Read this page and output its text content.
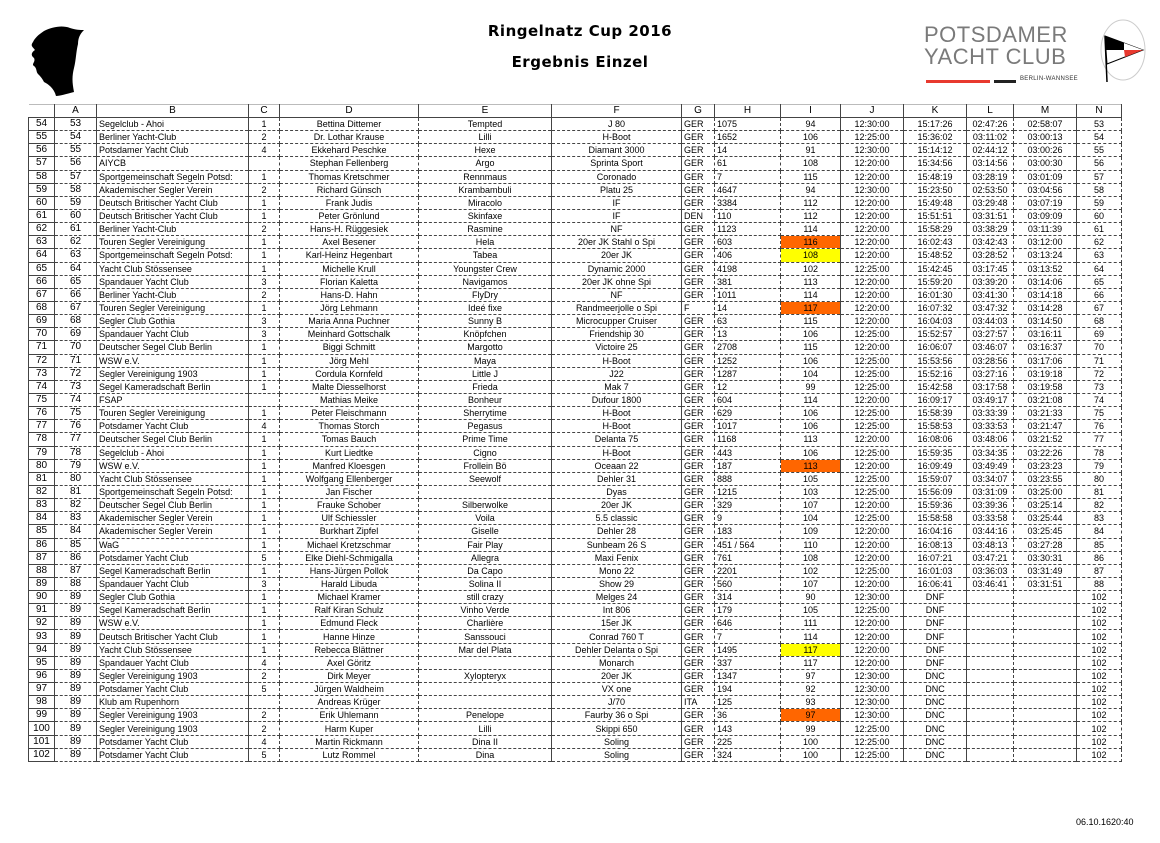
Ringelnatz Cup 2016
Ergebnis Einzel
POTSDAMER
YACHT CLUB
BERLIN-WANNSEE
	A	B	C	D	E	F	G	H	I	J	K	L	M	N
54	53	Segelclub - Ahoi	1	Bettina Dittemer	Tempted	J 80	GER	1075	94	12:30:00	15:17:26	02:47:26	02:58:07	53
55	54	Berliner Yacht-Club	2	Dr. Lothar Krause	Lilli	H-Boot	GER	1652	106	12:25:00	15:36:02	03:11:02	03:00:13	54
56	55	Potsdamer Yacht Club	4	Ekkehard Peschke	Hexe	Diamant 3000	GER	14	91	12:30:00	15:14:12	02:44:12	03:00:26	55
57	56	AIYCB		Stephan Fellenberg	Argo	Sprinta Sport	GER	61	108	12:20:00	15:34:56	03:14:56	03:00:30	56
58	57	Sportgemeinschaft Segeln Potsd:	1	Thomas Kretschmer	Rennmaus	Coronado	GER	7	115	12:20:00	15:48:19	03:28:19	03:01:09	57
59	58	Akademischer Segler Verein	2	Richard Günsch	Krambambuli	Platu 25	GER	4647	94	12:30:00	15:23:50	02:53:50	03:04:56	58
60	59	Deutsch Britischer Yacht Club	1	Frank Judis	Miracolo	IF	GER	3384	112	12:20:00	15:49:48	03:29:48	03:07:19	59
61	60	Deutsch Britischer Yacht Club	1	Peter Grönlund	Skinfaxe	IF	DEN	110	112	12:20:00	15:51:51	03:31:51	03:09:09	60
62	61	Berliner Yacht-Club	2	Hans-H. Rüggesiek	Rasmine	NF	GER	1123	114	12:20:00	15:58:29	03:38:29	03:11:39	61
63	62	Touren Segler Vereinigung	1	Axel Besener	Hela	20er JK Stahl o Spi	GER	603	116	12:20:00	16:02:43	03:42:43	03:12:00	62
64	63	Sportgemeinschaft Segeln Potsd:	1	Karl-Heinz Hegenbart	Tabea	20er JK	GER	406	108	12:20:00	15:48:52	03:28:52	03:13:24	63
65	64	Yacht Club Stössensee	1	Michelle Krull	Youngster Crew	Dynamic 2000	GER	4198	102	12:25:00	15:42:45	03:17:45	03:13:52	64
66	65	Spandauer Yacht Club	3	Florian Kaletta	Navigamos	20er JK ohne Spi	GER	381	113	12:20:00	15:59:20	03:39:20	03:14:06	65
67	66	Berliner Yacht-Club	2	Hans-D. Hahn	FlyDry	NF	GER	1011	114	12:20:00	16:01:30	03:41:30	03:14:18	66
68	67	Touren Segler Vereinigung	1	Jörg Lehmann	Ideé fixe	Randmeerjolle o Spi	F	14	117	12:20:00	16:07:32	03:47:32	03:14:28	67
69	68	Segler Club Gothia	3	Maria Anna Puchner	Sunny B	Microcupper Cruiser	GER	63	115	12:20:00	16:04:03	03:44:03	03:14:50	68
70	69	Spandauer Yacht Club	3	Meinhard Gottschalk	Knöpfchen	Friendship 30	GER	13	106	12:25:00	15:52:57	03:27:57	03:16:11	69
71	70	Deutscher Segel Club Berlin	1	Biggi Schmitt	Margotto	Victoire 25	GER	2708	115	12:20:00	16:06:07	03:46:07	03:16:37	70
72	71	WSW e.V.	1	Jörg Mehl	Maya	H-Boot	GER	1252	106	12:25:00	15:53:56	03:28:56	03:17:06	71
73	72	Segler Vereinigung 1903	1	Cordula Kornfeld	Little J	J22	GER	1287	104	12:25:00	15:52:16	03:27:16	03:19:18	72
74	73	Segel Kameradschaft Berlin	1	Malte Diesselhorst	Frieda	Mak 7	GER	12	99	12:25:00	15:42:58	03:17:58	03:19:58	73
75	74	FSAP		Mathias Meike	Bonheur	Dufour 1800	GER	604	114	12:20:00	16:09:17	03:49:17	03:21:08	74
76	75	Touren Segler Vereinigung	1	Peter Fleischmann	Sherrytime	H-Boot	GER	629	106	12:25:00	15:58:39	03:33:39	03:21:33	75
77	76	Potsdamer Yacht Club	4	Thomas Storch	Pegasus	H-Boot	GER	1017	106	12:25:00	15:58:53	03:33:53	03:21:47	76
78	77	Deutscher Segel Club Berlin	1	Tomas Bauch	Prime Time	Delanta 75	GER	1168	113	12:20:00	16:08:06	03:48:06	03:21:52	77
79	78	Segelclub - Ahoi	1	Kurt Liedtke	Cigno	H-Boot	GER	443	106	12:25:00	15:59:35	03:34:35	03:22:26	78
80	79	WSW e.V.	1	Manfred Kloesgen	Frollein Bö	Oceaan 22	GER	187	113	12:20:00	16:09:49	03:49:49	03:23:23	79
81	80	Yacht Club Stössensee	1	Wolfgang Ellenberger	Seewolf	Dehler 31	GER	888	105	12:25:00	15:59:07	03:34:07	03:23:55	80
82	81	Sportgemeinschaft Segeln Potsd:	1	Jan Fischer		Dyas	GER	1215	103	12:25:00	15:56:09	03:31:09	03:25:00	81
83	82	Deutscher Segel Club Berlin	1	Frauke Schober	Silberwolke	20er JK	GER	329	107	12:20:00	15:59:36	03:39:36	03:25:14	82
84	83	Akademischer Segler Verein	1	Ulf Schiessler	Voila	5.5 classic	GER	9	104	12:25:00	15:58:58	03:33:58	03:25:44	83
85	84	Akademischer Segler Verein	1	Burkhart Zipfel	Giselle	Dehler 28	GER	183	109	12:20:00	16:04:16	03:44:16	03:25:45	84
86	85	WaG	1	Michael Kretzschmar	Fair Play	Sunbeam 26 S	GER	451 / 564	110	12:20:00	16:08:13	03:48:13	03:27:28	85
87	86	Potsdamer Yacht Club	5	Elke Diehl-Schmigalla	Allegra	Maxi Fenix	GER	761	108	12:20:00	16:07:21	03:47:21	03:30:31	86
88	87	Segel Kameradschaft Berlin	1	Hans-Jürgen Pollok	Da Capo	Mono 22	GER	2201	102	12:25:00	16:01:03	03:36:03	03:31:49	87
89	88	Spandauer Yacht Club	3	Harald Libuda	Solina II	Show 29	GER	560	107	12:20:00	16:06:41	03:46:41	03:31:51	88
90	89	Segler Club Gothia	1	Michael Kramer	still crazy	Melges 24	GER	314	90	12:30:00	DNF			102
91	89	Segel Kameradschaft Berlin	1	Ralf Kiran Schulz	Vinho Verde	Int 806	GER	179	105	12:25:00	DNF			102
92	89	WSW e.V.	1	Edmund Fleck	Charlière	15er JK	GER	646	111	12:20:00	DNF			102
93	89	Deutsch Britischer Yacht Club	1	Hanne Hinze	Sanssouci	Conrad 760 T	GER	7	114	12:20:00	DNF			102
94	89	Yacht Club Stössensee	1	Rebecca Blättner	Mar del Plata	Dehler Delanta o Spi	GER	1495	117	12:20:00	DNF			102
95	89	Spandauer Yacht Club	4	Axel Göritz		Monarch	GER	337	117	12:20:00	DNF			102
96	89	Segler Vereinigung 1903	2	Dirk Meyer	Xylopteryx	20er JK	GER	1347	97	12:30:00	DNC			102
97	89	Potsdamer Yacht Club	5	Jürgen Waldheim		VX one	GER	194	92	12:30:00	DNC			102
98	89	Klub am Rupenhorn		Andreas Krüger		J/70	ITA	125	93	12:30:00	DNC			102
99	89	Segler Vereinigung 1903	2	Erik Uhlemann	Penelope	Faurby 36 o Spi	GER	36	97	12:30:00	DNC			102
100	89	Segler Vereinigung 1903	2	Harm Kuper	Lilli	Skippi 650	GER	143	99	12:25:00	DNC			102
101	89	Potsdamer Yacht Club	4	Martin Rickmann	Dina II	Soling	GER	225	100	12:25:00	DNC			102
102	89	Potsdamer Yacht Club	5	Lutz Rommel	Dina	Soling	GER	324	100	12:25:00	DNC			102
06.10.1620:40
